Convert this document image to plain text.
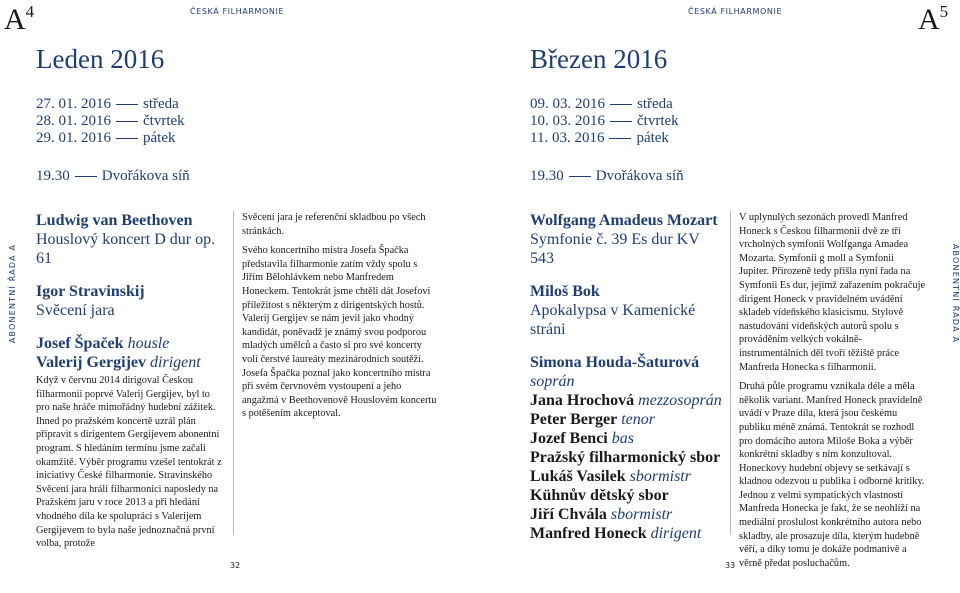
$A^4$	ČESKÁ FILHARMONIE
Leden 2016
27. 01. 2016 středa
28. 01. 2016 čtvrtek
29. 01. 2016 pátek
19.30 Dvořákova síň
Ludwig van Beethoven
Houslový koncert D dur op. 61
Igor Stravinskij
Svěcení jara
Josef Špaček housle
Valerij Gergijev dirigent

Když v červnu 2014 dirigoval Českou filharmonii poprvé Valerij Gergijev, byl to pro naše hráče mimořádný hudební zážitek. Ihned po pražském koncertě uzrál plán připravit s dirigentem Gergijevem abonentní program. S hledáním termínu jsme začali okamžitě. Výběr programu vzešel tentokrát z iniciativy České filharmonie. Stravinského Svěcení jara hráli filharmonici naposledy na Pražském jaru v roce 2013 a při hledání vhodného díla ke spolupráci s Valerijem Gergijevem to byla naše jednoznačná první volba, protože

Svěcení jara je referenční skladbou po všech stránkách.

Svého koncertního mistra Josefa Špačka představila filharmonie zatím vždy spolu s Jiřím Bělohlávkem nebo Manfredem Honeckem. Tentokrát jsme chtěli dát Josefovi příležitost s některým z dirigentských hostů. Valerij Gergijev se nám jevil jako vhodný kandidát, poněvadž je známý svou podporou mladých umělců a často si pro své koncerty volí čerstvé laureáty mezinárodních soutěží. Josefa Špačka poznal jako koncertního mistra při svém červnovém vystoupení a jeho angažmá v Beethovenově Houslovém koncertu s potěšením akceptoval.

ABONENTNÍ ŘADA A
32
ČESKÁ FILHARMONIE	$A^5$
Březen 2016
09. 03. 2016 středa
10. 03. 2016 čtvrtek
11. 03. 2016 pátek
19.30 Dvořákova síň
Wolfgang Amadeus Mozart
Symfonie č. 39 Es dur KV 543
Miloš Bok
Apokalypsa v Kamenické stráni
Simona Houda-Šaturová soprán
Jana Hrochová mezzosoprán
Peter Berger tenor
Jozef Benci bas
Pražský filharmonický sbor
Lukáš Vasilek sbormistr
Kühnův dětský sbor
Jiří Chvála sbormistr
Manfred Honeck dirigent

V uplynulých sezonách provedl Manfred Honeck s Českou filharmonií dvě ze tří vrcholných symfonií Wolfganga Amadea Mozarta. Symfonii g moll a Symfonii Jupiter. Přirozeně tedy přišla nyní řada na Symfonii Es dur, jejímž zařazením pokračuje dirigent Honeck v pravidelném uvádění skladeb vídeňského klasicismu. Stylově nastudování vídeňských autorů spolu s prováděním velkých vokálně-instrumentálních děl tvoří těžiště práce Manfreda Honecka s filharmonií.

Druhá půle programu vznikala déle a měla několik variant. Manfred Honeck pravidelně uvádí v Praze díla, která jsou českému publiku méně známá. Tentokrát se rozhodl pro domácího autora Miloše Boka a výběr konkrétní skladby s ním konzultoval. Honeckovy hudební objevy se setkávají s kladnou odezvou u publika i odborné kritiky. Jednou z velmi sympatických vlastností Manfreda Honecka je fakt, že se neohlíží na mediální proslulost konkrétního autora nebo skladby, ale prosazuje díla, kterým hudebně věří, a díky tomu je dokáže podmanivě a věrně předat posluchačům.

ABONENTNÍ ŘADA A
33
